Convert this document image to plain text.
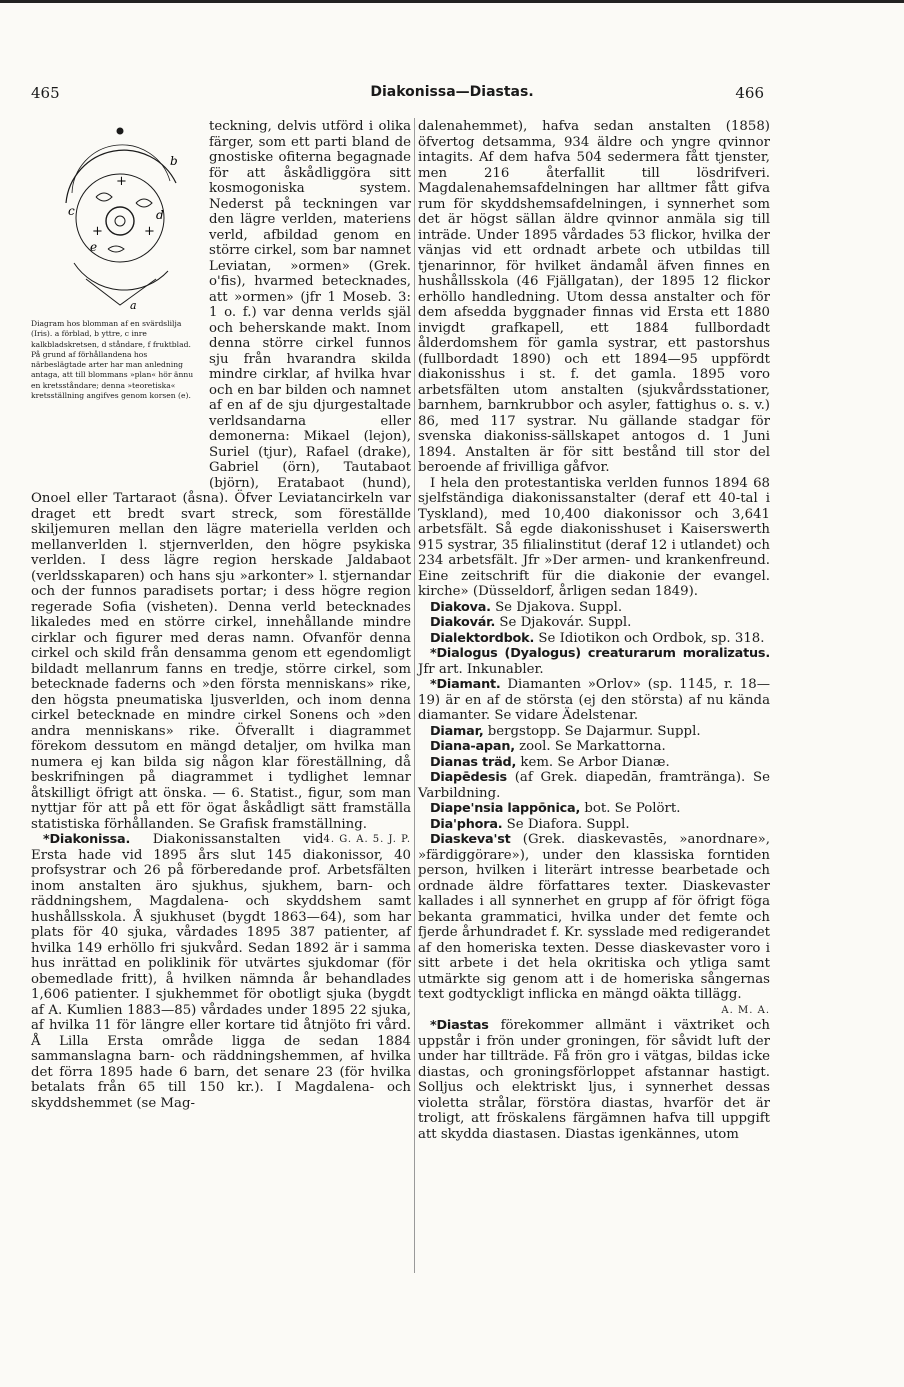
465	Diakonissa—Diastas.	466
+
+	+
b
c	d
e
a
Diagram hos blomman af en svärdslilja (Iris). a förblad, b yttre, c inre kalkbladskretsen, d ståndare, f fruktblad. På grund af förhållandena hos närbeslägtade arter har man anledning antaga, att till blommans »plan« hör ännu en kretsståndare; denna »teoretiska« kretsställning angifves genom korsen (e).

teckning, delvis utförd i olika färger, som ett parti bland de gnostiske ofiterna begagnade för att åskådliggöra sitt kosmogoniska system. Nederst på teckningen var den lägre verlden, materiens verld, afbildad genom en större cirkel, som bar namnet Leviatan, »ormen» (Grek. o'fis), hvarmed betecknades, att »ormen» (jfr 1 Moseb. 3: 1 o. f.) var denna verlds själ och beherskande makt. Inom denna större cirkel funnos sju från hvarandra skilda mindre cirklar, af hvilka hvar och en bar bilden och namnet af en af de sju djurgestaltade verldsandarna eller demonerna: Mikael (lejon), Suriel (tjur), Rafael (drake), Gabriel (örn), Tautabaot (björn), Eratabaot (hund), Onoel eller Tartaraot (åsna). Öfver Leviatancirkeln var draget ett bredt svart streck, som föreställde skiljemuren mellan den lägre materiella verlden och mellanverlden l. stjernverlden, den högre psykiska verlden. I dess lägre region herskade Jaldabaot (verldsskaparen) och hans sju »arkonter» l. stjernandar och der funnos paradisets portar; i dess högre region regerade Sofia (visheten). Denna verld betecknades likaledes med en större cirkel, innehållande mindre cirklar och figurer med deras namn. Ofvanför denna cirkel och skild från densamma genom ett egendomligt bildadt mellanrum fanns en tredje, större cirkel, som betecknade faderns och »den första menniskans» rike, den högsta pneumatiska ljusverlden, och inom denna cirkel betecknade en mindre cirkel Sonens och »den andra menniskans» rike. Öfverallt i diagrammet förekom dessutom en mängd detaljer, om hvilka man numera ej kan bilda sig någon klar föreställning, då beskrifningen på diagrammet i tydlighet lemnar åtskilligt öfrigt att önska. — 6. Statist., figur, som man nyttjar för att på ett för ögat åskådligt sätt framställa statistiska förhållanden. Se Grafisk framställning.
4. G. A. 5. J. P.

*Diakonissa. Diakonissanstalten vid Ersta hade vid 1895 års slut 145 diakonissor, 40 profsystrar och 26 på förberedande prof. Arbetsfälten inom anstalten äro sjukhus, sjukhem, barn- och räddningshem, Magdalena- och skyddshem samt hushållsskola. Å sjukhuset (bygdt 1863—64), som har plats för 40 sjuka, vårdades 1895 387 patienter, af hvilka 149 erhöllo fri sjukvård. Sedan 1892 är i samma hus inrättad en poliklinik för utvärtes sjukdomar (för obemedlade fritt), å hvilken nämnda år behandlades 1,606 patienter. I sjukhemmet för obotligt sjuka (bygdt af A. Kumlien 1883—85) vårdades under 1895 22 sjuka, af hvilka 11 för längre eller kortare tid åtnjöto fri vård. Å Lilla Ersta område ligga de sedan 1884 sammanslagna barn- och räddningshemmen, af hvilka det förra 1895 hade 6 barn, det senare 23 (för hvilka betalats från 65 till 150 kr.). I Magdalena- och skyddshemmet (se Mag-

dalenahemmet), hafva sedan anstalten (1858) öfvertog detsamma, 934 äldre och yngre qvinnor intagits. Af dem hafva 504 sedermera fått tjenster, men 216 återfallit till lösdrifveri. Magdalenahemsafdelningen har alltmer fått gifva rum för skyddshemsafdelningen, i synnerhet som det är högst sällan äldre qvinnor anmäla sig till inträde. Under 1895 vårdades 53 flickor, hvilka der vänjas vid ett ordnadt arbete och utbildas till tjenarinnor, för hvilket ändamål äfven finnes en hushållsskola (46 Fjällgatan), der 1895 12 flickor erhöllo handledning. Utom dessa anstalter och för dem afsedda byggnader finnas vid Ersta ett 1880 invigdt grafkapell, ett 1884 fullbordadt ålderdomshem för gamla systrar, ett pastorshus (fullbordadt 1890) och ett 1894—95 uppfördt diakonisshus i st. f. det gamla. 1895 voro arbetsfälten utom anstalten (sjukvårdsstationer, barnhem, barnkrubbor och asyler, fattighus o. s. v.) 86, med 117 systrar. Nu gällande stadgar för svenska diakoniss-sällskapet antogos d. 1 Juni 1894. Anstalten är för sitt bestånd till stor del beroende af frivilliga gåfvor.

I hela den protestantiska verlden funnos 1894 68 sjelfständiga diakonissanstalter (deraf ett 40-tal i Tyskland), med 10,400 diakonissor och 3,641 arbetsfält. Så egde diakonisshuset i Kaiserswerth 915 systrar, 35 filialinstitut (deraf 12 i utlandet) och 234 arbetsfält. Jfr »Der armen- und krankenfreund. Eine zeitschrift für die diakonie der evangel. kirche» (Düsseldorf, årligen sedan 1849).

Diakova. Se Djakova. Suppl.

Diakovár. Se Djakovár. Suppl.

Dialektordbok. Se Idiotikon och Ordbok, sp. 318.

*Dialogus (Dyalogus) creaturarum moralizatus. Jfr art. Inkunabler.

*Diamant. Diamanten »Orlov» (sp. 1145, r. 18—19) är en af de största (ej den största) af nu kända diamanter. Se vidare Ädelstenar.

Diamar, bergstopp. Se Dajarmur. Suppl.

Diana-apan, zool. Se Markattorna.

Dianas träd, kem. Se Arbor Dianæ.

Diapēdesis (af Grek. diapedān, framtränga). Se Varbildning.

Diape'nsia lappōnica, bot. Se Polört.

Dia'phora. Se Diafora. Suppl.

Diaskeva'st (Grek. diaskevastēs, »anordnare», »färdiggörare»), under den klassiska forntiden person, hvilken i literärt intresse bearbetade och ordnade äldre författares texter. Diaskevaster kallades i all synnerhet en grupp af för öfrigt föga bekanta grammatici, hvilka under det femte och fjerde århundradet f. Kr. sysslade med redigerandet af den homeriska texten. Desse diaskevaster voro i sitt arbete i det hela okritiska och ytliga samt utmärkte sig genom att i de homeriska sångernas text godtyckligt inflicka en mängd oäkta tillägg.

A. M. A.

*Diastas förekommer allmänt i växtriket och uppstår i frön under groningen, för såvidt luft der under har tillträde. Få frön gro i vätgas, bildas icke diastas, och groningsförloppet afstannar hastigt. Solljus och elektriskt ljus, i synnerhet dessas violetta strålar, förstöra diastas, hvarför det är troligt, att fröskalens färgämnen hafva till uppgift att skydda diastasen. Diastas igenkännes, utom
